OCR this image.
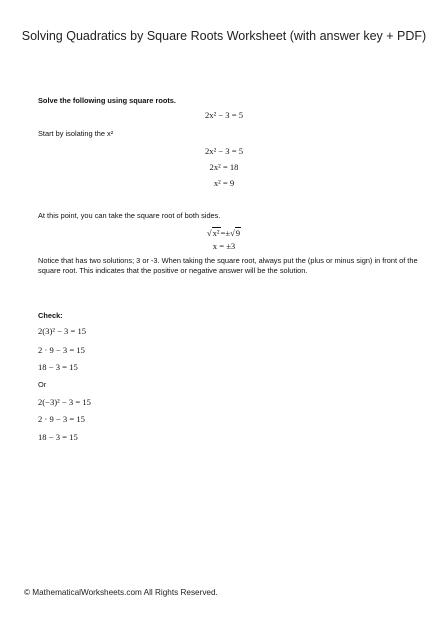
Solving Quadratics by Square Roots Worksheet (with answer key + PDF)
Solve the following using square roots.
2x² − 3 = 5
Start by isolating the x²
2x² − 3 = 5
2x² = 18
x² = 9
At this point, you can take the square root of both sides.
√x²=±√9
x = ±3
Notice that has two solutions; 3 or -3. When taking the square root, always put the (plus or minus sign) in front of the square root. This indicates that the positive or negative answer will be the solution.
Check:
2(3)² − 3 = 15
2 · 9 − 3 = 15
18 − 3 = 15
Or
2(−3)² − 3 = 15
2 · 9 − 3 = 15
18 − 3 = 15
© MathematicalWorksheets.com All Rights Reserved.
